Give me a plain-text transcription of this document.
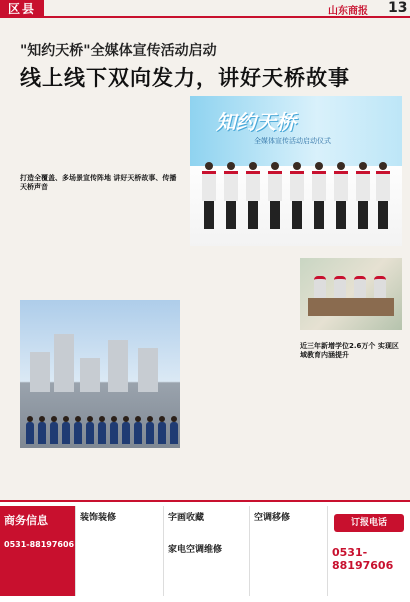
区县	山东商报 13
"知约天桥"全媒体宣传活动启动
线上线下双向发力，讲好天桥故事
知约天桥
全媒体宣传活动启动仪式
打造全覆盖、多场景宣传阵地 讲好天桥故事、传播天桥声音
近三年新增学位2.6万个 实现区域教育内涵提升
商务信息
0531-88197606
装饰装修	字画收藏
家电空调维修
空调移修	订报电话
0531-88197606
